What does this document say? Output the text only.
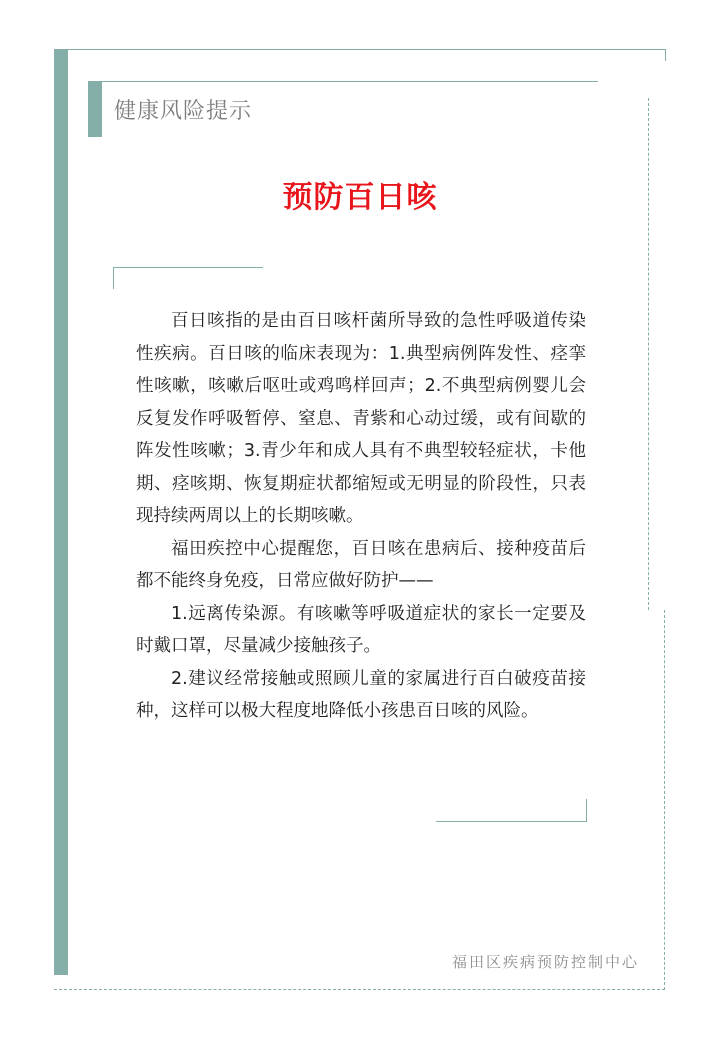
健康风险提示
预防百日咳

百日咳指的是由百日咳杆菌所导致的急性呼吸道传染性疾病。百日咳的临床表现为：1.典型病例阵发性、痉挛性咳嗽，咳嗽后呕吐或鸡鸣样回声；2.不典型病例婴儿会反复发作呼吸暂停、窒息、青紫和心动过缓，或有间歇的阵发性咳嗽；3.青少年和成人具有不典型较轻症状，卡他期、痉咳期、恢复期症状都缩短或无明显的阶段性，只表现持续两周以上的长期咳嗽。

福田疾控中心提醒您，百日咳在患病后、接种疫苗后都不能终身免疫，日常应做好防护——

1.远离传染源。有咳嗽等呼吸道症状的家长一定要及时戴口罩，尽量减少接触孩子。

2.建议经常接触或照顾儿童的家属进行百白破疫苗接种，这样可以极大程度地降低小孩患百日咳的风险。

福田区疾病预防控制中心
